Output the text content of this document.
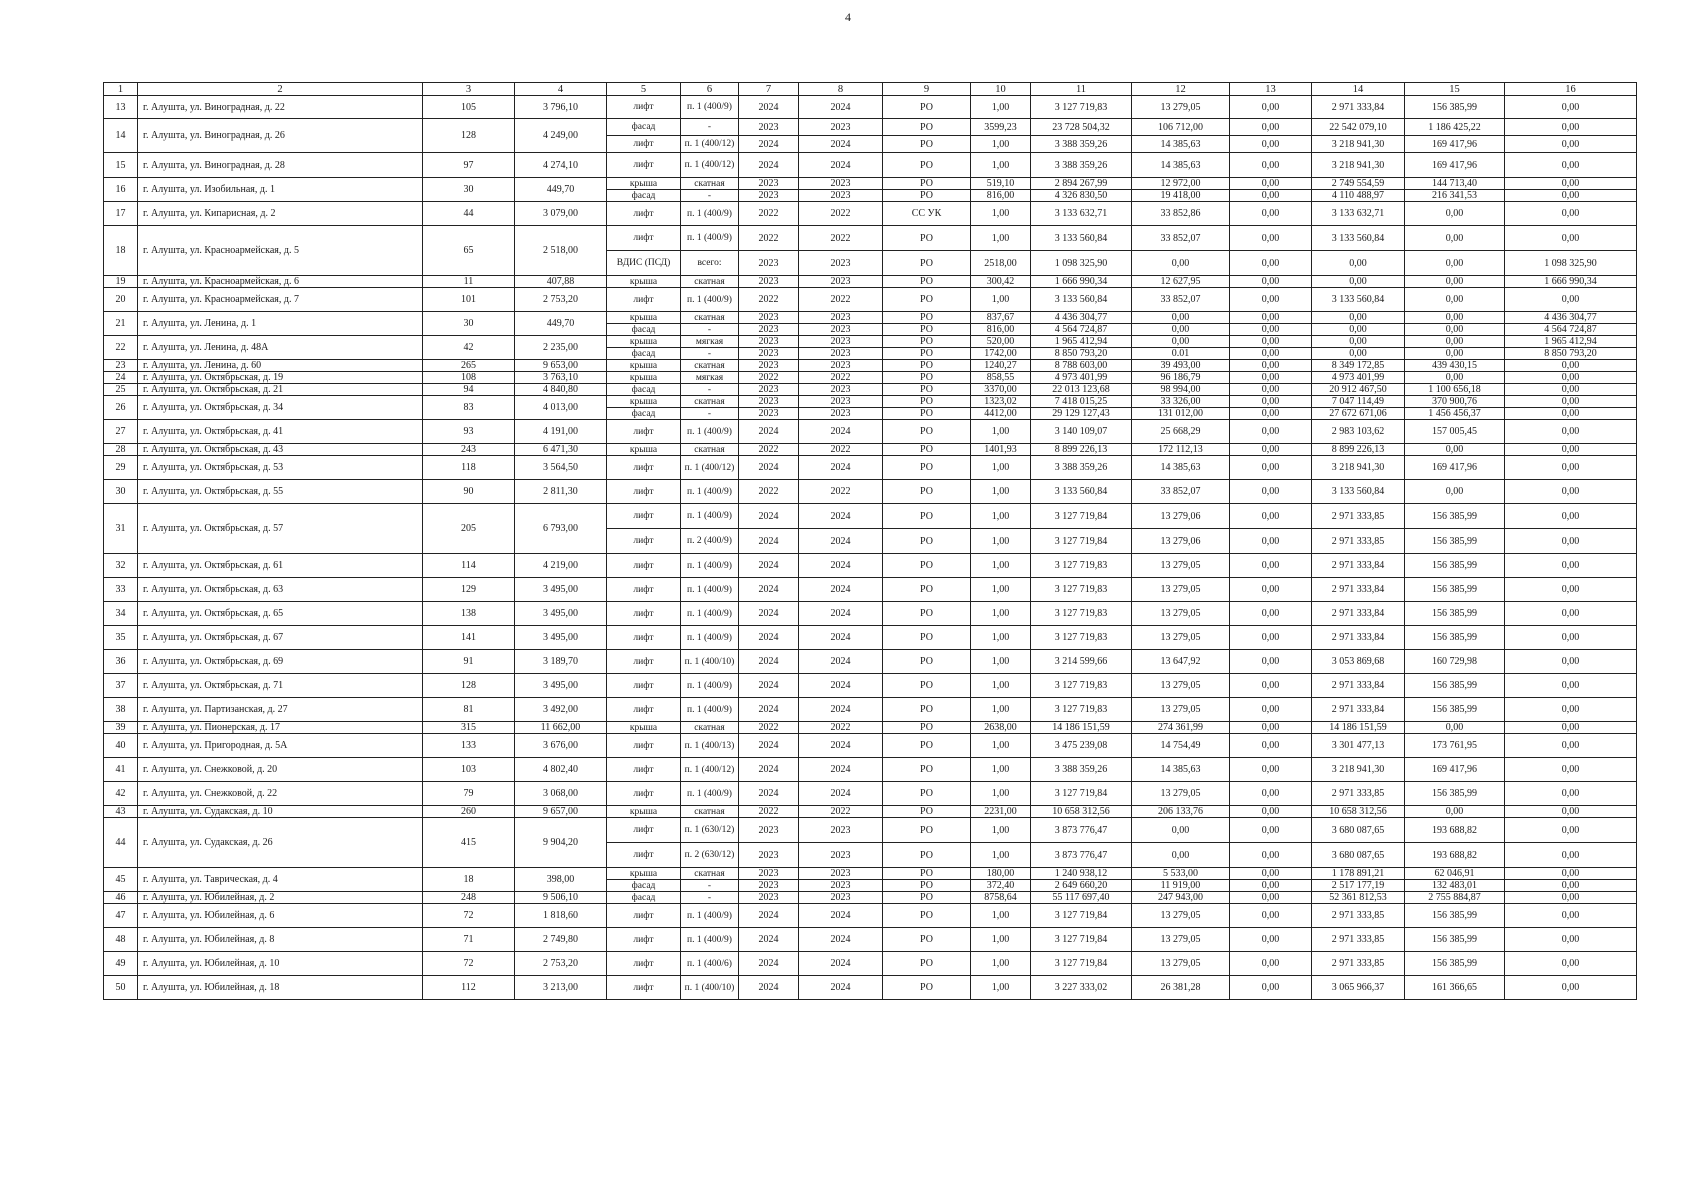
4
1	2	3	4	5	6	7	8	9	10	11	12	13	14	15	16
13	г. Алушта, ул. Виноградная, д. 22	105	3 796,10	лифт	п. 1 (400/9)	2024	2024	РО	1,00	3 127 719,83	13 279,05	0,00	2 971 333,84	156 385,99	0,00
14	г. Алушта, ул. Виноградная, д. 26	128	4 249,00	фасад	-	2023	2023	РО	3599,23	23 728 504,32	106 712,00	0,00	22 542 079,10	1 186 425,22	0,00
				лифт	п. 1 (400/12)	2024	2024	РО	1,00	3 388 359,26	14 385,63	0,00	3 218 941,30	169 417,96	0,00
15	г. Алушта, ул. Виноградная, д. 28	97	4 274,10	лифт	п. 1 (400/12)	2024	2024	РО	1,00	3 388 359,26	14 385,63	0,00	3 218 941,30	169 417,96	0,00
16	г. Алушта, ул. Изобильная, д. 1	30	449,70	крыша	скатная	2023	2023	РО	519,10	2 894 267,99	12 972,00	0,00	2 749 554,59	144 713,40	0,00
				фасад	-	2023	2023	РО	816,00	4 326 830,50	19 418,00	0,00	4 110 488,97	216 341,53	0,00
17	г. Алушта, ул. Кипарисная, д. 2	44	3 079,00	лифт	п. 1 (400/9)	2022	2022	СС УК	1,00	3 133 632,71	33 852,86	0,00	3 133 632,71	0,00	0,00
18	г. Алушта, ул. Красноармейская, д. 5	65	2 518,00	лифт	п. 1 (400/9)	2022	2022	РО	1,00	3 133 560,84	33 852,07	0,00	3 133 560,84	0,00	0,00
				ВДИС (ПСД)	всего:	2023	2023	РО	2518,00	1 098 325,90	0,00	0,00	0,00	0,00	1 098 325,90
19	г. Алушта, ул. Красноармейская, д. 6	11	407,88	крыша	скатная	2023	2023	РО	300,42	1 666 990,34	12 627,95	0,00	0,00	0,00	1 666 990,34
20	г. Алушта, ул. Красноармейская, д. 7	101	2 753,20	лифт	п. 1 (400/9)	2022	2022	РО	1,00	3 133 560,84	33 852,07	0,00	3 133 560,84	0,00	0,00
21	г. Алушта, ул. Ленина, д. 1	30	449,70	крыша	скатная	2023	2023	РО	837,67	4 436 304,77	0,00	0,00	0,00	0,00	4 436 304,77
				фасад	-	2023	2023	РО	816,00	4 564 724,87	0,00	0,00	0,00	0,00	4 564 724,87
22	г. Алушта, ул. Ленина, д. 48А	42	2 235,00	крыша	мягкая	2023	2023	РО	520,00	1 965 412,94	0,00	0,00	0,00	0,00	1 965 412,94
				фасад	-	2023	2023	РО	1742,00	8 850 793,20	0.01	0,00	0,00	0,00	8 850 793,20
23	г. Алушта, ул. Ленина, д. 60	265	9 653,00	крыша	скатная	2023	2023	РО	1240,27	8 788 603,00	39 493,00	0,00	8 349 172,85	439 430,15	0,00
24	г. Алушта, ул. Октябрьская, д. 19	108	3 763,10	крыша	мягкая	2022	2022	РО	858,55	4 973 401,99	96 186,79	0,00	4 973 401,99	0,00	0,00
25	г. Алушта, ул. Октябрьская, д. 21	94	4 840,80	фасад	-	2023	2023	РО	3370,00	22 013 123,68	98 994,00	0,00	20 912 467,50	1 100 656,18	0,00
26	г. Алушта, ул. Октябрьская, д. 34	83	4 013,00	крыша	скатная	2023	2023	РО	1323,02	7 418 015,25	33 326,00	0,00	7 047 114,49	370 900,76	0,00
				фасад	-	2023	2023	РО	4412,00	29 129 127,43	131 012,00	0,00	27 672 671,06	1 456 456,37	0,00
27	г. Алушта, ул. Октябрьская, д. 41	93	4 191,00	лифт	п. 1 (400/9)	2024	2024	РО	1,00	3 140 109,07	25 668,29	0,00	2 983 103,62	157 005,45	0,00
28	г. Алушта, ул. Октябрьская, д. 43	243	6 471,30	крыша	скатная	2022	2022	РО	1401,93	8 899 226,13	172 112,13	0,00	8 899 226,13	0,00	0,00
29	г. Алушта, ул. Октябрьская, д. 53	118	3 564,50	лифт	п. 1 (400/12)	2024	2024	РО	1,00	3 388 359,26	14 385,63	0,00	3 218 941,30	169 417,96	0,00
30	г. Алушта, ул. Октябрьская, д. 55	90	2 811,30	лифт	п. 1 (400/9)	2022	2022	РО	1,00	3 133 560,84	33 852,07	0,00	3 133 560,84	0,00	0,00
31	г. Алушта, ул. Октябрьская, д. 57	205	6 793,00	лифт	п. 1 (400/9)	2024	2024	РО	1,00	3 127 719,84	13 279,06	0,00	2 971 333,85	156 385,99	0,00
				лифт	п. 2 (400/9)	2024	2024	РО	1,00	3 127 719,84	13 279,06	0,00	2 971 333,85	156 385,99	0,00
32	г. Алушта, ул. Октябрьская, д. 61	114	4 219,00	лифт	п. 1 (400/9)	2024	2024	РО	1,00	3 127 719,83	13 279,05	0,00	2 971 333,84	156 385,99	0,00
33	г. Алушта, ул. Октябрьская, д. 63	129	3 495,00	лифт	п. 1 (400/9)	2024	2024	РО	1,00	3 127 719,83	13 279,05	0,00	2 971 333,84	156 385,99	0,00
34	г. Алушта, ул. Октябрьская, д. 65	138	3 495,00	лифт	п. 1 (400/9)	2024	2024	РО	1,00	3 127 719,83	13 279,05	0,00	2 971 333,84	156 385,99	0,00
35	г. Алушта, ул. Октябрьская, д. 67	141	3 495,00	лифт	п. 1 (400/9)	2024	2024	РО	1,00	3 127 719,83	13 279,05	0,00	2 971 333,84	156 385,99	0,00
36	г. Алушта, ул. Октябрьская, д. 69	91	3 189,70	лифт	п. 1 (400/10)	2024	2024	РО	1,00	3 214 599,66	13 647,92	0,00	3 053 869,68	160 729,98	0,00
37	г. Алушта, ул. Октябрьская, д. 71	128	3 495,00	лифт	п. 1 (400/9)	2024	2024	РО	1,00	3 127 719,83	13 279,05	0,00	2 971 333,84	156 385,99	0,00
38	г. Алушта, ул. Партизанская, д. 27	81	3 492,00	лифт	п. 1 (400/9)	2024	2024	РО	1,00	3 127 719,83	13 279,05	0,00	2 971 333,84	156 385,99	0,00
39	г. Алушта, ул. Пионерская, д. 17	315	11 662,00	крыша	скатная	2022	2022	РО	2638,00	14 186 151,59	274 361,99	0,00	14 186 151,59	0,00	0,00
40	г. Алушта, ул. Пригородная, д. 5А	133	3 676,00	лифт	п. 1 (400/13)	2024	2024	РО	1,00	3 475 239,08	14 754,49	0,00	3 301 477,13	173 761,95	0,00
41	г. Алушта, ул. Снежковой, д. 20	103	4 802,40	лифт	п. 1 (400/12)	2024	2024	РО	1,00	3 388 359,26	14 385,63	0,00	3 218 941,30	169 417,96	0,00
42	г. Алушта, ул. Снежковой, д. 22	79	3 068,00	лифт	п. 1 (400/9)	2024	2024	РО	1,00	3 127 719,84	13 279,05	0,00	2 971 333,85	156 385,99	0,00
43	г. Алушта, ул. Судакская, д. 10	260	9 657,00	крыша	скатная	2022	2022	РО	2231,00	10 658 312,56	206 133,76	0,00	10 658 312,56	0,00	0,00
44	г. Алушта, ул. Судакская, д. 26	415	9 904,20	лифт	п. 1 (630/12)	2023	2023	РО	1,00	3 873 776,47	0,00	0,00	3 680 087,65	193 688,82	0,00
				лифт	п. 2 (630/12)	2023	2023	РО	1,00	3 873 776,47	0,00	0,00	3 680 087,65	193 688,82	0,00
45	г. Алушта, ул. Таврическая, д. 4	18	398,00	крыша	скатная	2023	2023	РО	180,00	1 240 938,12	5 533,00	0,00	1 178 891,21	62 046,91	0,00
				фасад	-	2023	2023	РО	372,40	2 649 660,20	11 919,00	0,00	2 517 177,19	132 483,01	0,00
46	г. Алушта, ул. Юбилейная, д. 2	248	9 506,10	фасад	-	2023	2023	РО	8758,64	55 117 697,40	247 943,00	0,00	52 361 812,53	2 755 884,87	0,00
47	г. Алушта, ул. Юбилейная, д. 6	72	1 818,60	лифт	п. 1 (400/9)	2024	2024	РО	1,00	3 127 719,84	13 279,05	0,00	2 971 333,85	156 385,99	0,00
48	г. Алушта, ул. Юбилейная, д. 8	71	2 749,80	лифт	п. 1 (400/9)	2024	2024	РО	1,00	3 127 719,84	13 279,05	0,00	2 971 333,85	156 385,99	0,00
49	г. Алушта, ул. Юбилейная, д. 10	72	2 753,20	лифт	п. 1 (400/6)	2024	2024	РО	1,00	3 127 719,84	13 279,05	0,00	2 971 333,85	156 385,99	0,00
50	г. Алушта, ул. Юбилейная, д. 18	112	3 213,00	лифт	п. 1 (400/10)	2024	2024	РО	1,00	3 227 333,02	26 381,28	0,00	3 065 966,37	161 366,65	0,00
